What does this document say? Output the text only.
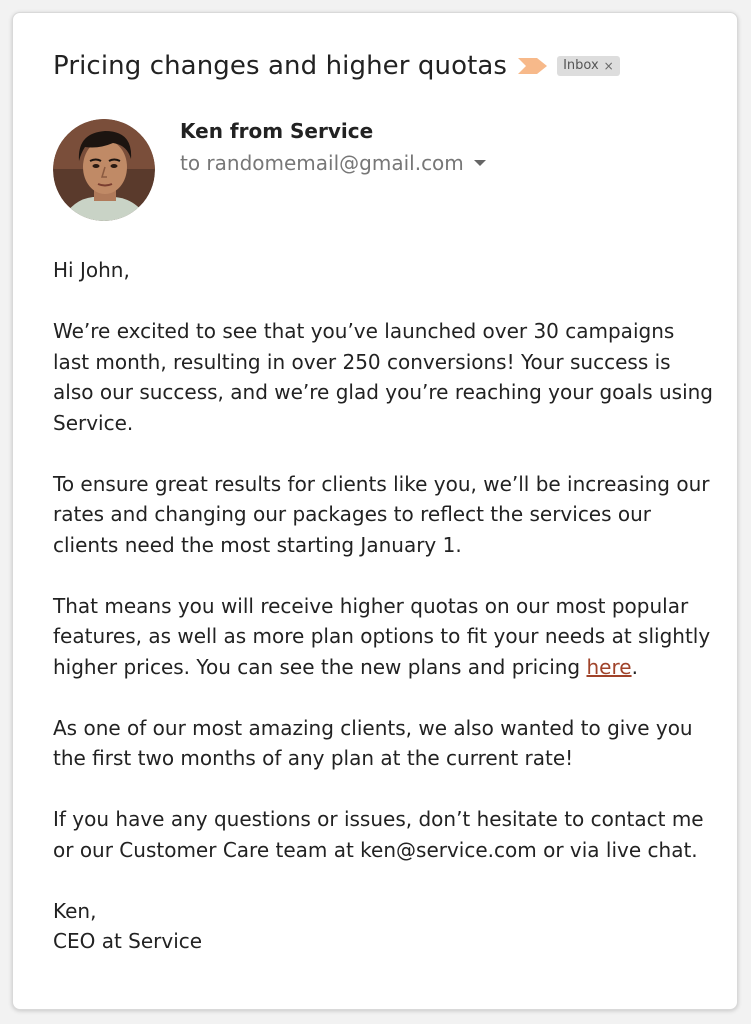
Pricing changes and higher quotas	Inbox ×
Ken from Service
to randomemail@gmail.com

Hi John,

We’re excited to see that you’ve launched over 30 campaigns last month, resulting in over 250 conversions! Your success is also our success, and we’re glad you’re reaching your goals using Service.

To ensure great results for clients like you, we’ll be increasing our rates and changing our packages to reflect the services our clients need the most starting January 1.

That means you will receive higher quotas on our most popular features, as well as more plan options to fit your needs at slightly higher prices. You can see the new plans and pricing here.

As one of our most amazing clients, we also wanted to give you the first two months of any plan at the current rate!

If you have any questions or issues, don’t hesitate to contact me or our Customer Care team at ken@service.com or via live chat.

Ken,

CEO at Service
